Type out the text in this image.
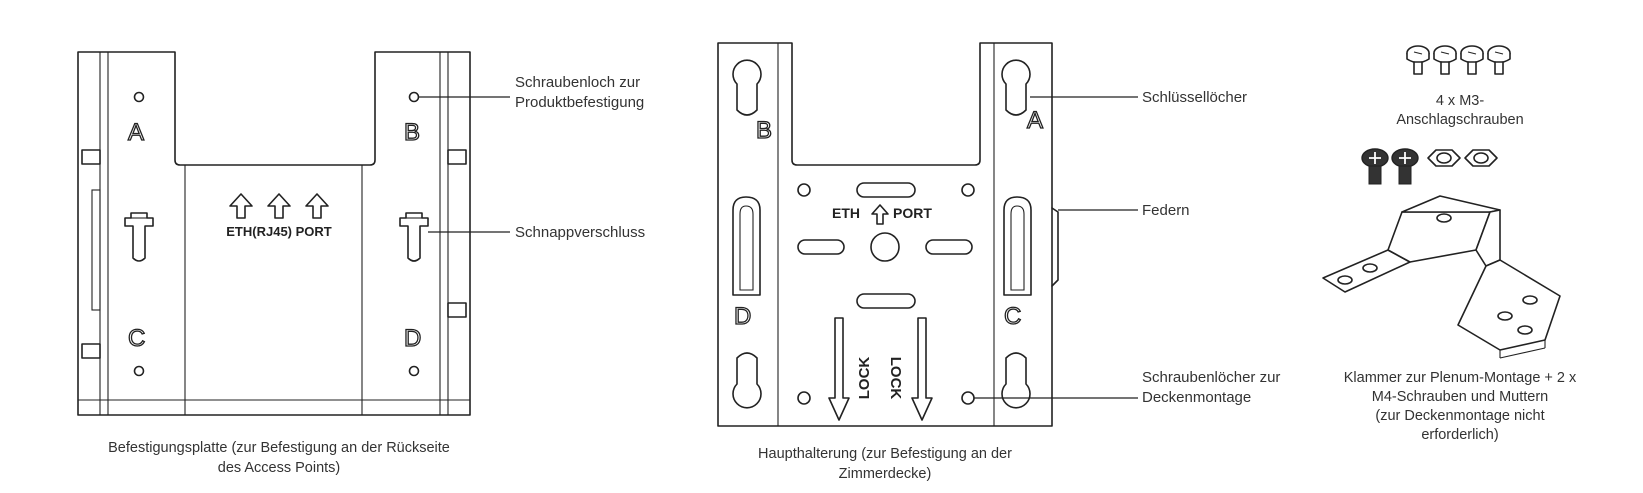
A	B
C	D
ETH(RJ45) PORT
Schraubenloch zur
Produktbefestigung
Schnappverschluss
Befestigungsplatte (zur Befestigung an der Rückseite
des Access Points)
B	A
D	C
ETH PORT
LOCK LOCK
Schlüssellöcher
Federn
Schraubenlöcher zur
Deckenmontage
Haupthalterung (zur Befestigung an der
Zimmerdecke)
4 x M3-
Anschlagschrauben
Klammer zur Plenum-Montage + 2 x
M4-Schrauben und Muttern
(zur Deckenmontage nicht
erforderlich)
